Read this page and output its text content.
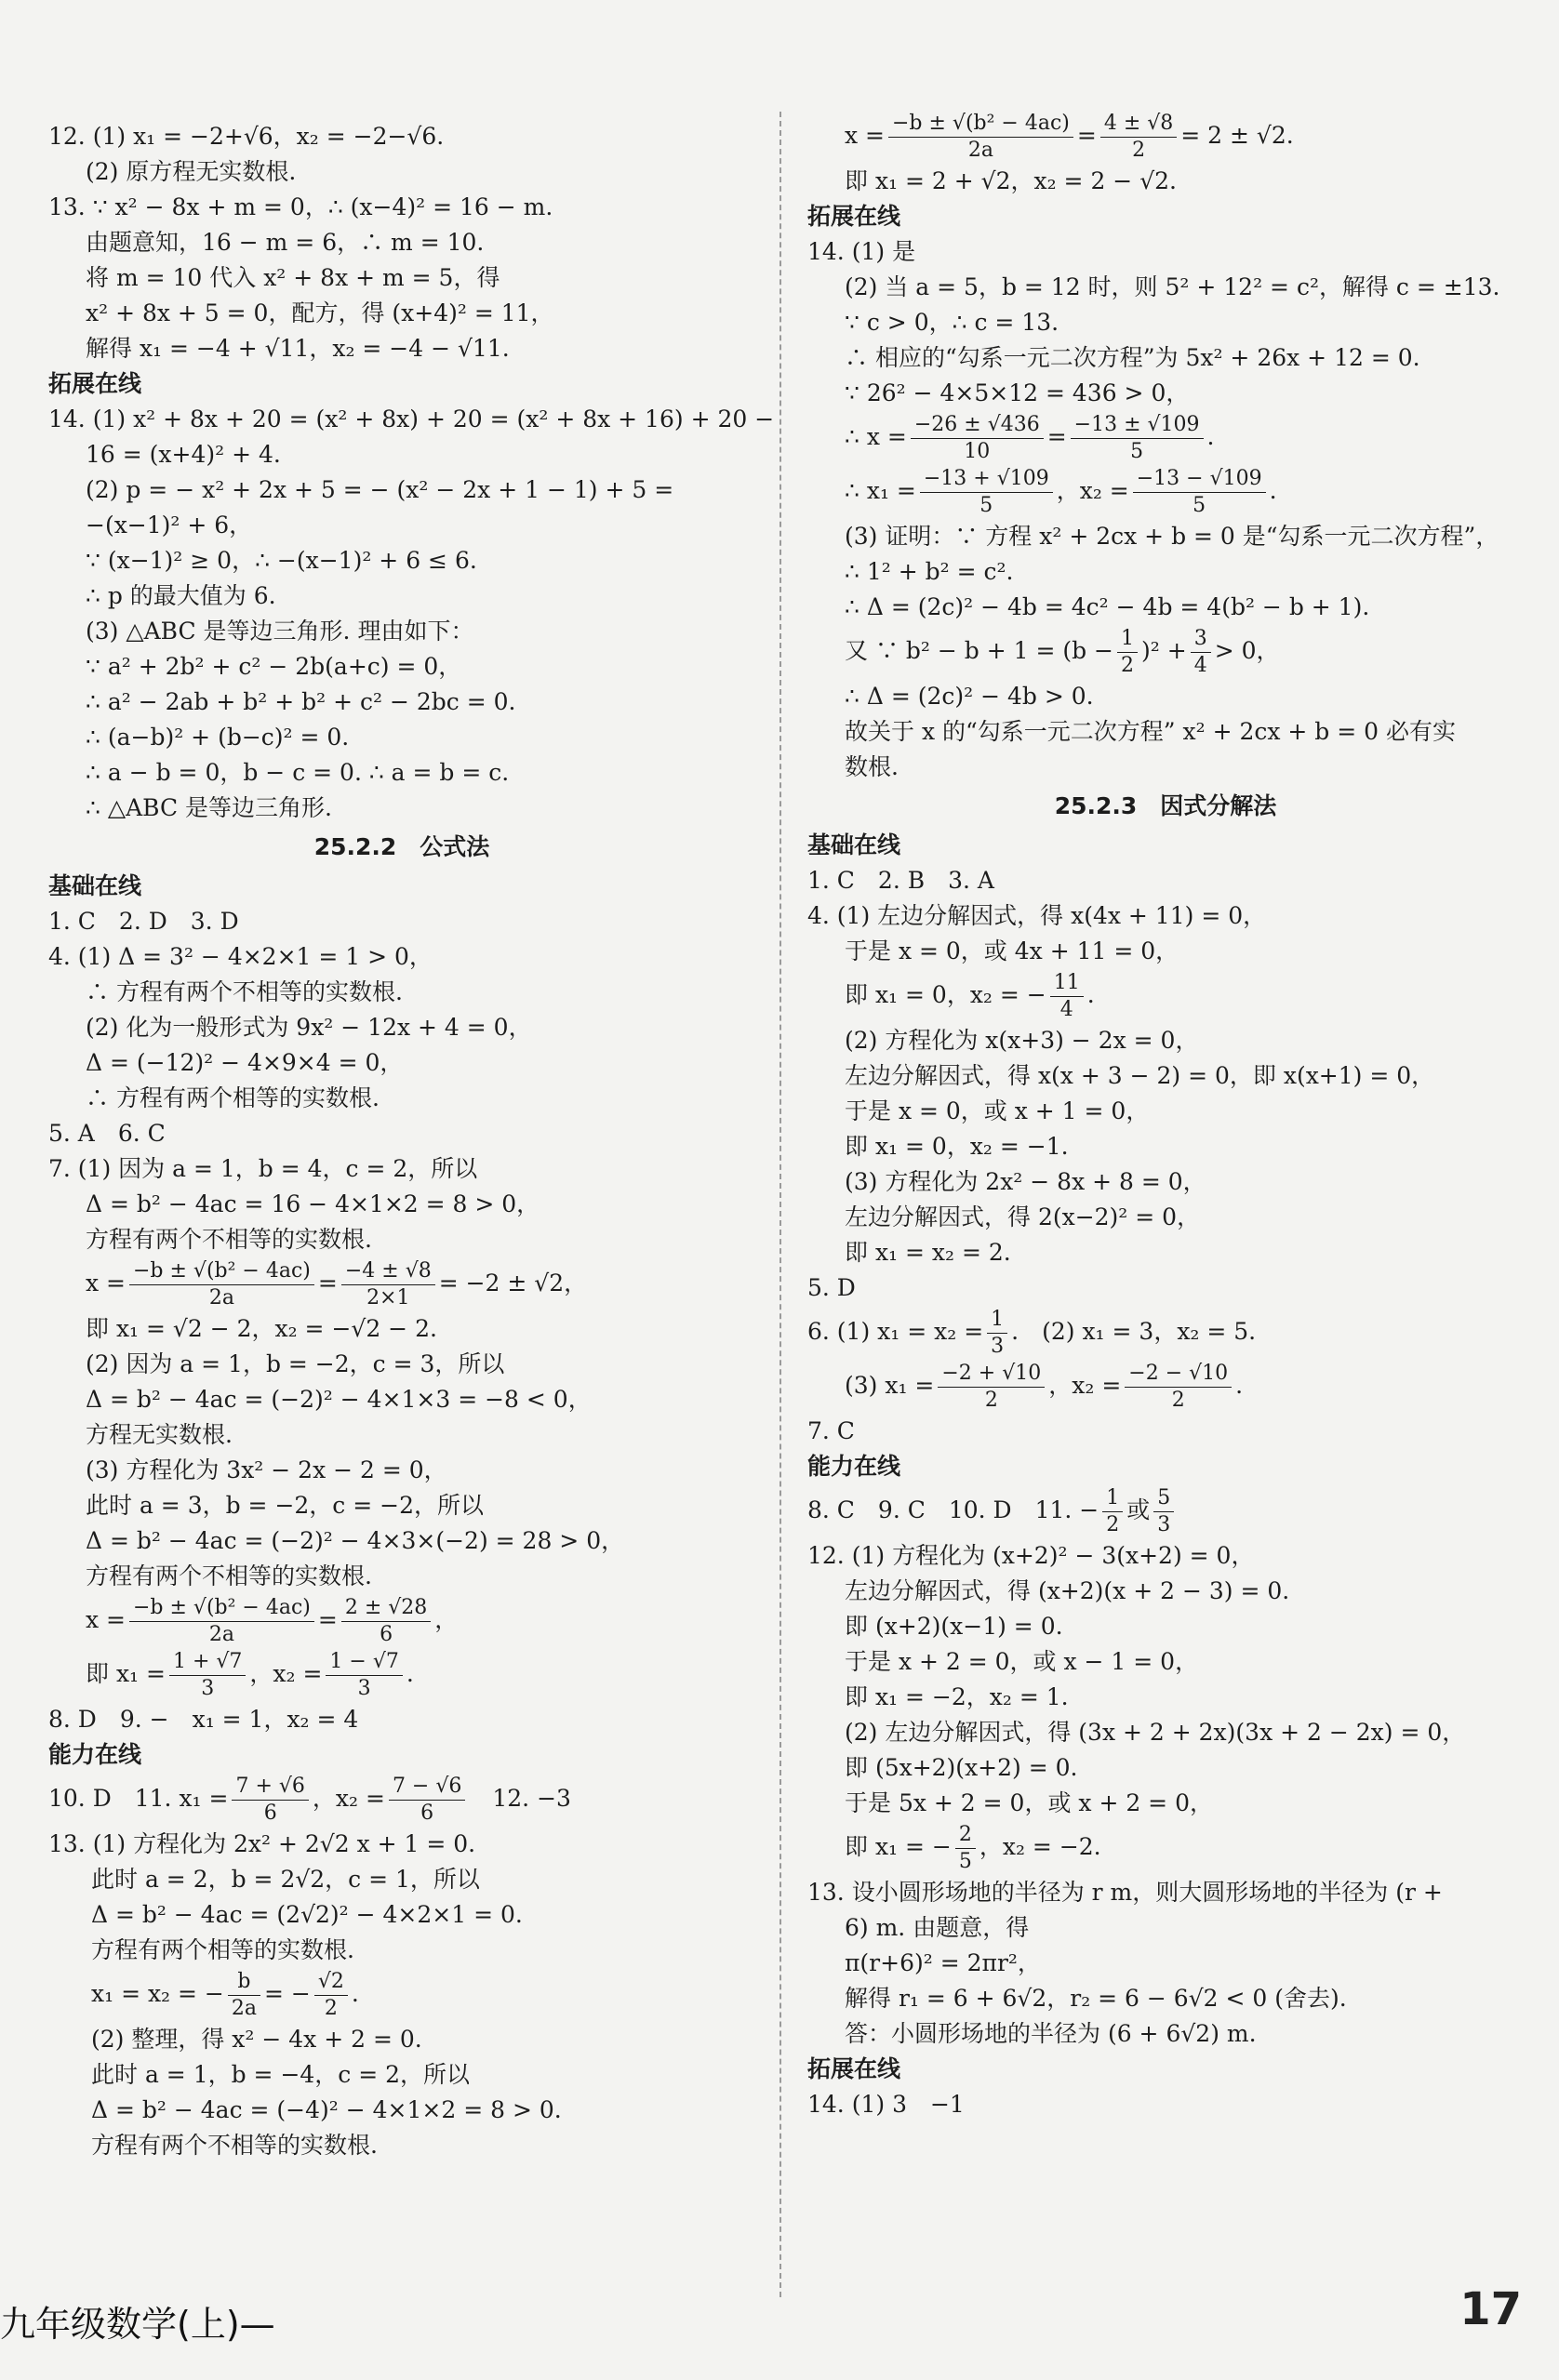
12. (1) x₁ = −2+√6，x₂ = −2−√6.
(2) 原方程无实数根.
13. ∵ x² − 8x + m = 0，∴ (x−4)² = 16 − m.
由题意知，16 − m = 6，∴ m = 10.
将 m = 10 代入 x² + 8x + m = 5，得
x² + 8x + 5 = 0，配方，得 (x+4)² = 11，
解得 x₁ = −4 + √11，x₂ = −4 − √11.
拓展在线
14. (1) x² + 8x + 20 = (x² + 8x) + 20 = (x² + 8x + 16) + 20 −
16 = (x+4)² + 4.
(2) p = − x² + 2x + 5 = − (x² − 2x + 1 − 1) + 5 =
−(x−1)² + 6，
∵ (x−1)² ≥ 0，∴ −(x−1)² + 6 ≤ 6.
∴ p 的最大值为 6.
(3) △ABC 是等边三角形. 理由如下：
∵ a² + 2b² + c² − 2b(a+c) = 0，
∴ a² − 2ab + b² + b² + c² − 2bc = 0.
∴ (a−b)² + (b−c)² = 0.
∴ a − b = 0，b − c = 0. ∴ a = b = c.
∴ △ABC 是等边三角形.
25.2.2　公式法
基础在线
1. C　2. D　3. D
4. (1) Δ = 3² − 4×2×1 = 1 > 0，
∴ 方程有两个不相等的实数根.
(2) 化为一般形式为 9x² − 12x + 4 = 0，
Δ = (−12)² − 4×9×4 = 0，
∴ 方程有两个相等的实数根.
5. A　6. C
7. (1) 因为 a = 1，b = 4，c = 2，所以
Δ = b² − 4ac = 16 − 4×1×2 = 8 > 0，
方程有两个不相等的实数根.
$x = \frac{\text{−b ± √(b² − 4ac)}}{2a} = \frac{-4 \pm √8}{2\times 1} = -2 \pm √2$，
即 x₁ = √2 − 2，x₂ = −√2 − 2.
(2) 因为 a = 1，b = −2，c = 3，所以
Δ = b² − 4ac = (−2)² − 4×1×3 = −8 < 0，
方程无实数根.
(3) 方程化为 3x² − 2x − 2 = 0，
此时 a = 3，b = −2，c = −2，所以
Δ = b² − 4ac = (−2)² − 4×3×(−2) = 28 > 0，
方程有两个不相等的实数根.
$x = \frac{\text{−b ± √(b² − 4ac)}}{2a} = \frac{2 \pm √28}{6}$ ，
即 $x_1 = \frac{1 + √7}{3}$ ，$x_2 = \frac{1 - √7}{3}$ .
8. D　9. −　x₁ = 1，x₂ = 4
能力在线
10. D　11. $x_1 = \frac{7 + √6}{6}$ ，$x_2 = \frac{7 - √6}{6}$ 　12. −3
13. (1) 方程化为 2x² + 2√2 x + 1 = 0.
此时 a = 2，b = 2√2，c = 1，所以
Δ = b² − 4ac = (2√2)² − 4×2×1 = 0.
方程有两个相等的实数根.
x₁ = x₂ = − $\frac{b}{2a}$ = − $\frac{√2}{2}$ .
(2) 整理，得 x² − 4x + 2 = 0.
此时 a = 1，b = −4，c = 2，所以
Δ = b² − 4ac = (−4)² − 4×1×2 = 8 > 0.
方程有两个不相等的实数根.
$x = \frac{\text{−b ± √(b² − 4ac)}}{2a} = \frac{4 \pm √8}{2} = 2 \pm √2$.
即 x₁ = 2 + √2，x₂ = 2 − √2.
拓展在线
14. (1) 是
(2) 当 a = 5，b = 12 时，则 5² + 12² = c²，解得 c = ±13.
∵ c > 0，∴ c = 13.
∴ 相应的“勾系一元二次方程”为 5x² + 26x + 12 = 0.
∵ 26² − 4×5×12 = 436 > 0，
∴ $x = \frac{-26 \pm √436}{10} = \frac{-13 \pm √109}{5}$ .
∴ $x_1 = \frac{-13 + √109}{5}$ ，$x_2 = \frac{-13 - √109}{5}$ .
(3) 证明：∵ 方程 x² + 2cx + b = 0 是“勾系一元二次方程”，
∴ 1² + b² = c².
∴ Δ = (2c)² − 4b = 4c² − 4b = 4(b² − b + 1).
又 ∵ $b^2 - b + 1 = (b - \frac{1}{2} )^2 + \frac{3}{4} > 0$，
∴ Δ = (2c)² − 4b > 0.
故关于 x 的“勾系一元二次方程” x² + 2cx + b = 0 必有实
数根.
25.2.3　因式分解法
基础在线
1. C　2. B　3. A
4. (1) 左边分解因式，得 x(4x + 11) = 0，
于是 x = 0，或 4x + 11 = 0，
即 x₁ = 0，x₂ = − $\frac{11}{4}$ .
(2) 方程化为 x(x+3) − 2x = 0，
左边分解因式，得 x(x + 3 − 2) = 0，即 x(x+1) = 0，
于是 x = 0，或 x + 1 = 0，
即 x₁ = 0，x₂ = −1.
(3) 方程化为 2x² − 8x + 8 = 0，
左边分解因式，得 2(x−2)² = 0，
即 x₁ = x₂ = 2.
5. D
6. (1) $x_1 = x_2 = \frac{1}{3}$ .　(2) x₁ = 3，x₂ = 5.
(3) $x_1 = \frac{-2 + √10}{2}$ ，$x_2 = \frac{-2 - √10}{2}$ .
7. C
能力在线
8. C　9. C　10. D　11. − $\frac{1}{2}$ 或 $\frac{5}{3}$
12. (1) 方程化为 (x+2)² − 3(x+2) = 0，
左边分解因式，得 (x+2)(x + 2 − 3) = 0.
即 (x+2)(x−1) = 0.
于是 x + 2 = 0，或 x − 1 = 0，
即 x₁ = −2，x₂ = 1.
(2) 左边分解因式，得 (3x + 2 + 2x)(3x + 2 − 2x) = 0，
即 (5x+2)(x+2) = 0.
于是 5x + 2 = 0，或 x + 2 = 0，
即 x₁ = − $\frac{2}{5}$ ，x₂ = −2.
13. 设小圆形场地的半径为 r m，则大圆形场地的半径为 (r +
6) m. 由题意，得
π(r+6)² = 2πr²，
解得 r₁ = 6 + 6√2，r₂ = 6 − 6√2 < 0 (舍去).
答：小圆形场地的半径为 (6 + 6√2) m.
拓展在线
14. (1) 3　−1
九年级数学(上)—	17
